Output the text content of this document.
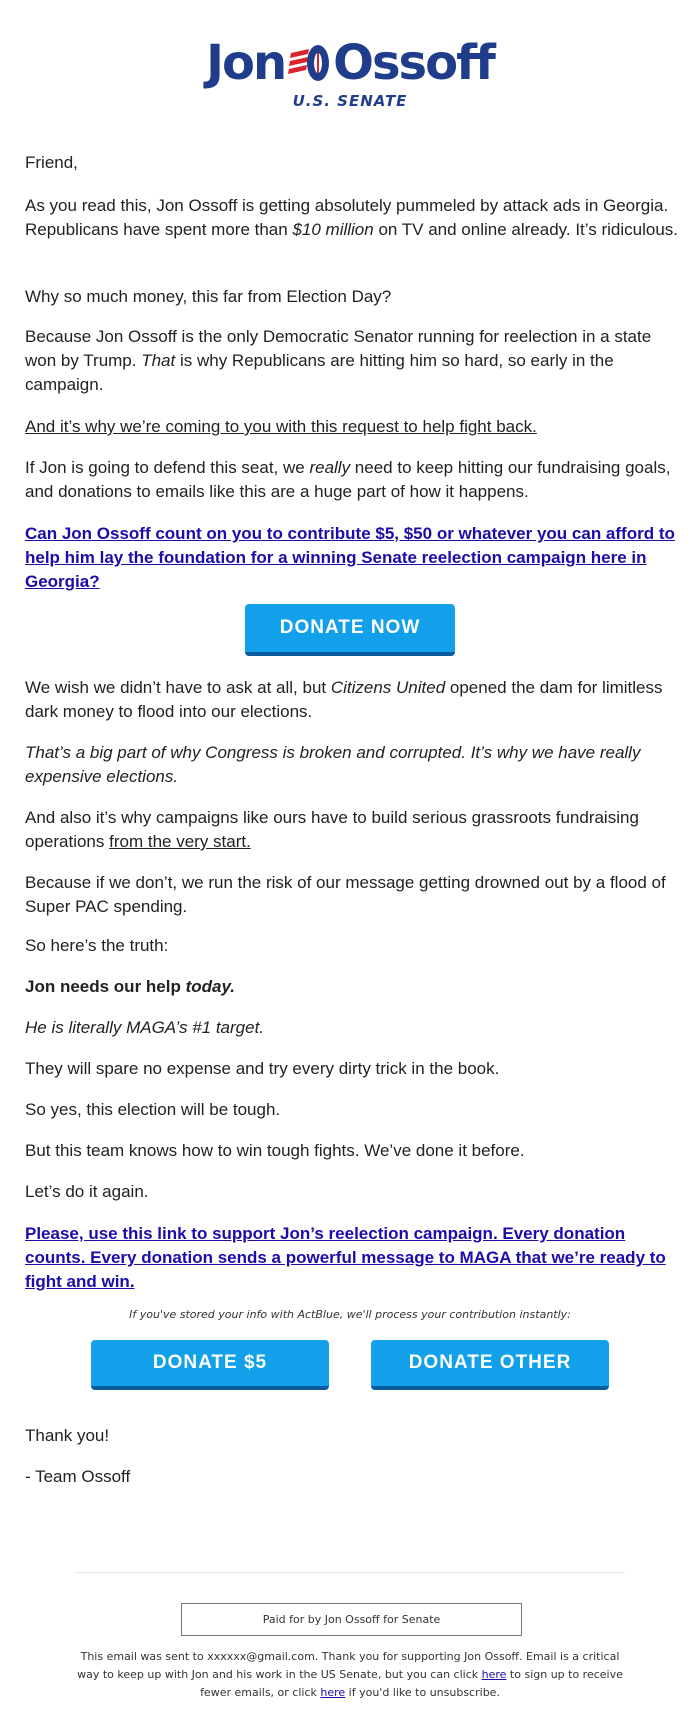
Jon Ossoff
U.S. SENATE

Friend,

As you read this, Jon Ossoff is getting absolutely pummeled by attack ads in Georgia. Republicans have spent more than $10 million on TV and online already. It’s ridiculous.

Why so much money, this far from Election Day?

Because Jon Ossoff is the only Democratic Senator running for reelection in a state won by Trump. That is why Republicans are hitting him so hard, so early in the campaign.

And it’s why we’re coming to you with this request to help fight back.

If Jon is going to defend this seat, we really need to keep hitting our fundraising goals, and donations to emails like this are a huge part of how it happens.

Can Jon Ossoff count on you to contribute $5, $50 or whatever you can afford to help him lay the foundation for a winning Senate reelection campaign here in Georgia?

DONATE NOW

We wish we didn’t have to ask at all, but Citizens United opened the dam for limitless dark money to flood into our elections.

That’s a big part of why Congress is broken and corrupted. It’s why we have really expensive elections.

And also it’s why campaigns like ours have to build serious grassroots fundraising operations from the very start.

Because if we don’t, we run the risk of our message getting drowned out by a flood of Super PAC spending.

So here’s the truth:

Jon needs our help today.

He is literally MAGA’s #1 target.

They will spare no expense and try every dirty trick in the book.

So yes, this election will be tough.

But this team knows how to win tough fights. We’ve done it before.

Let’s do it again.

Please, use this link to support Jon’s reelection campaign. Every donation counts. Every donation sends a powerful message to MAGA that we’re ready to fight and win.

If you've stored your info with ActBlue, we'll process your contribution instantly:
DONATE $5	DONATE OTHER

Thank you!

- Team Ossoff

Paid for by Jon Ossoff for Senate
This email was sent to xxxxxx@gmail.com. Thank you for supporting Jon Ossoff. Email is a critical way to keep up with Jon and his work in the US Senate, but you can click here to sign up to receive fewer emails, or click here if you'd like to unsubscribe.
